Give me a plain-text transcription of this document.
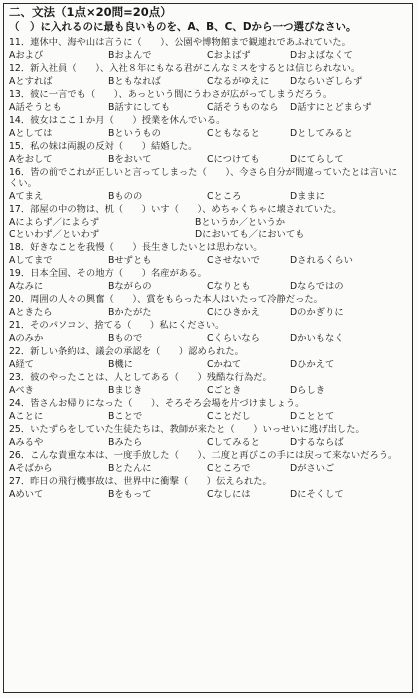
二、文法（1点×20問=20点）
（　）に入れるのに最も良いものを、A、B、C、Dから一つ選びなさい。
11．連休中、海や山は言うに（　　）、公園や博物館まで観連れであふれていた。
Aおよび	Bおよんで	Cおよばず	Dおよばなくて
12．新入社員（　　）、入社８年にもなる君がこんなミスをするとは信じられない。
Aとすれば	Bともなれば	Cなるがゆえに	Dならいざしらず
13．彼に一言でも（　　）、あっという間にうわさが広がってしまうだろう。
A話そうとも	B話すにしても	C話そうものなら	D話すにとどまらず
14．彼女はここ１か月（　　）授業を休んでいる。
Aとしては	Bというもの	Cともなると	Dとしてみると
15．私の妹は両親の反対（　　）結婚した。
Aをおして	Bをおいて	Cにつけても	Dにてらして
16．皆の前でこれが正しいと言ってしまった（　　）、今さら自分が間違っていたとは言いにくい。
Aてまえ	Bものの	Cところ	Dままに
17．部屋の中の物は、机（　　）いす（　　）、めちゃくちゃに壊されていた。
Aによらず／によらず	Bというか／というか
Cといわず／といわず	Dにおいても／においても
18．好きなことを我慢（　　）長生きしたいとは思わない。
Aしてまで	Bせずとも	Cさせないで	Dされるくらい
19．日本全国、その地方（　　）名産がある。
Aなみに	Bながらの	Cなりとも	Dならではの
20．周囲の人々の興奮（　　）、賞をもらった本人はいたって冷静だった。
Aときたら	Bかたがた	Cにひきかえ	Dのかぎりに
21．そのパソコン、捨てる（　　）私にください。
Aのみか	Bもので	Cくらいなら	Dかいもなく
22．新しい条約は、議会の承認を（　　）認められた。
A経て	B機に	Cかねて	Dひかえて
23．彼のやったことは、人としてある（　　）残酷な行為だ。
Aべき	Bまじき	Cごとき	Dらしき
24．皆さんお帰りになった（　　）、そろそろ会場を片づけましょう。
Aことに	Bことで	Cことだし	Dこととて
25．いたずらをしていた生徒たちは、教師が来たと（　　）いっせいに逃げ出した。
Aみるや	Bみたら	Cしてみると	Dするならば
26．こんな貴重な本は、一度手放した（　　）、二度と再びこの手には戻って来ないだろう。
Aそばから	Bとたんに	Cところで	Dがさいご
27．昨日の飛行機事故は、世界中に衝撃（　　）伝えられた。
Aめいて	Bをもって	Cなしには	Dにそくして
